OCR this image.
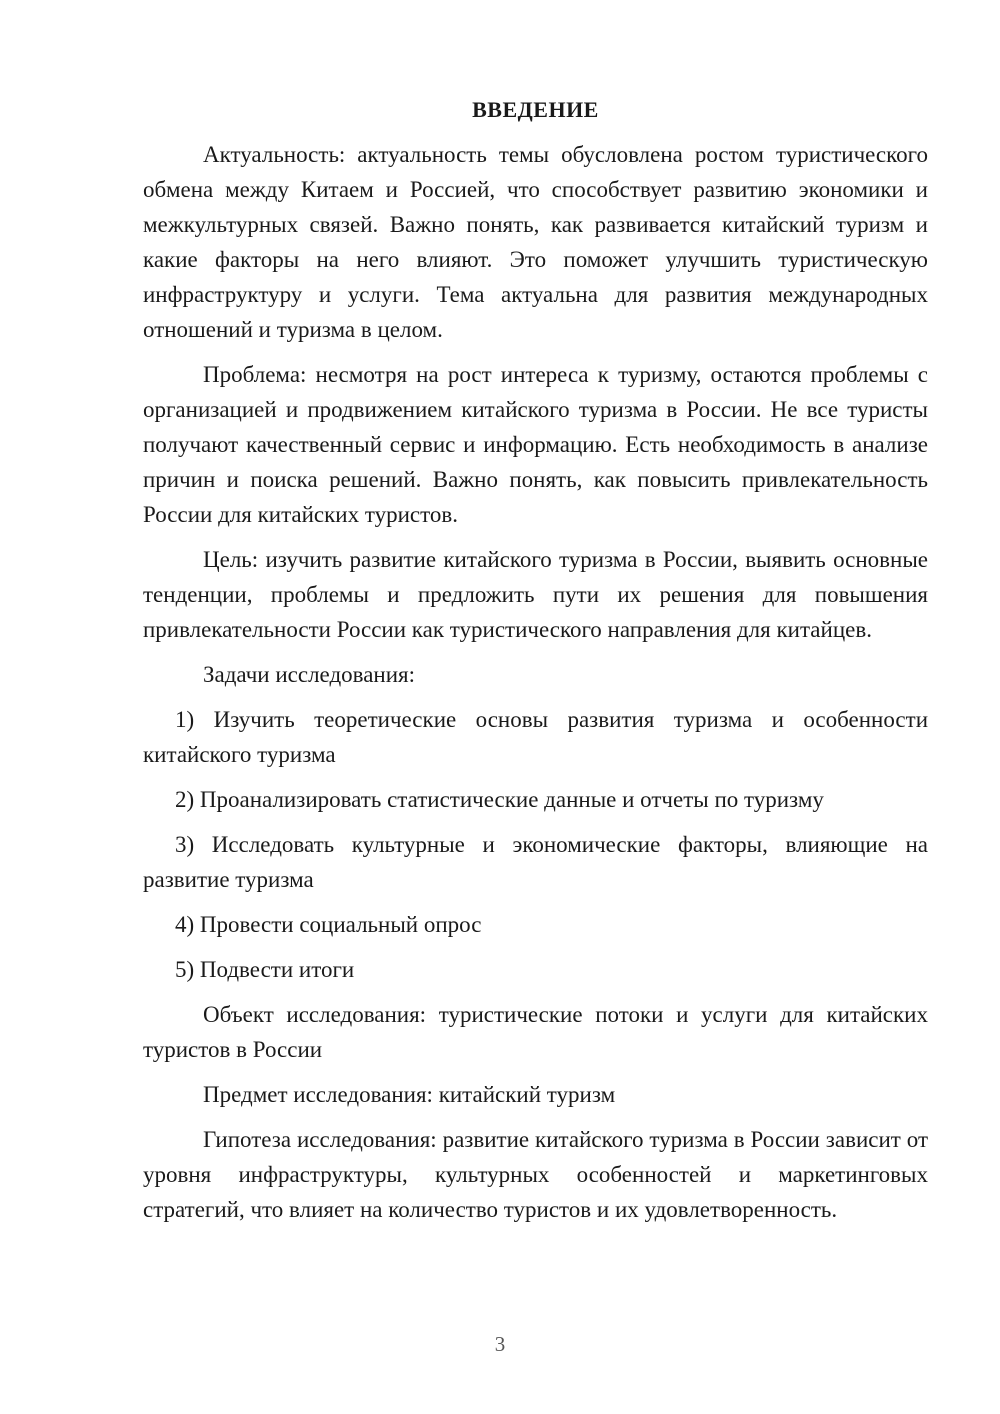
ВВЕДЕНИЕ

Актуальность: актуальность темы обусловлена ростом туристического обмена между Китаем и Россией, что способствует развитию экономики и межкультурных связей. Важно понять, как развивается китайский туризм и какие факторы на него влияют. Это поможет улучшить туристическую инфраструктуру и услуги. Тема актуальна для развития международных отношений и туризма в целом.

Проблема: несмотря на рост интереса к туризму, остаются проблемы с организацией и продвижением китайского туризма в России. Не все туристы получают качественный сервис и информацию. Есть необходимость в анализе причин и поиска решений. Важно понять, как повысить привлекательность России для китайских туристов.

Цель: изучить развитие китайского туризма в России, выявить основные тенденции, проблемы и предложить пути их решения для повышения привлекательности России как туристического направления для китайцев.

Задачи исследования:

1) Изучить теоретические основы развития туризма и особенности китайского туризма

2) Проанализировать статистические данные и отчеты по туризму

3) Исследовать культурные и экономические факторы, влияющие на развитие туризма

4) Провести социальный опрос

5) Подвести итоги

Объект исследования: туристические потоки и услуги для китайских туристов в России

Предмет исследования: китайский туризм

Гипотеза исследования: развитие китайского туризма в России зависит от уровня инфраструктуры, культурных особенностей и маркетинговых стратегий, что влияет на количество туристов и их удовлетворенность.

3
